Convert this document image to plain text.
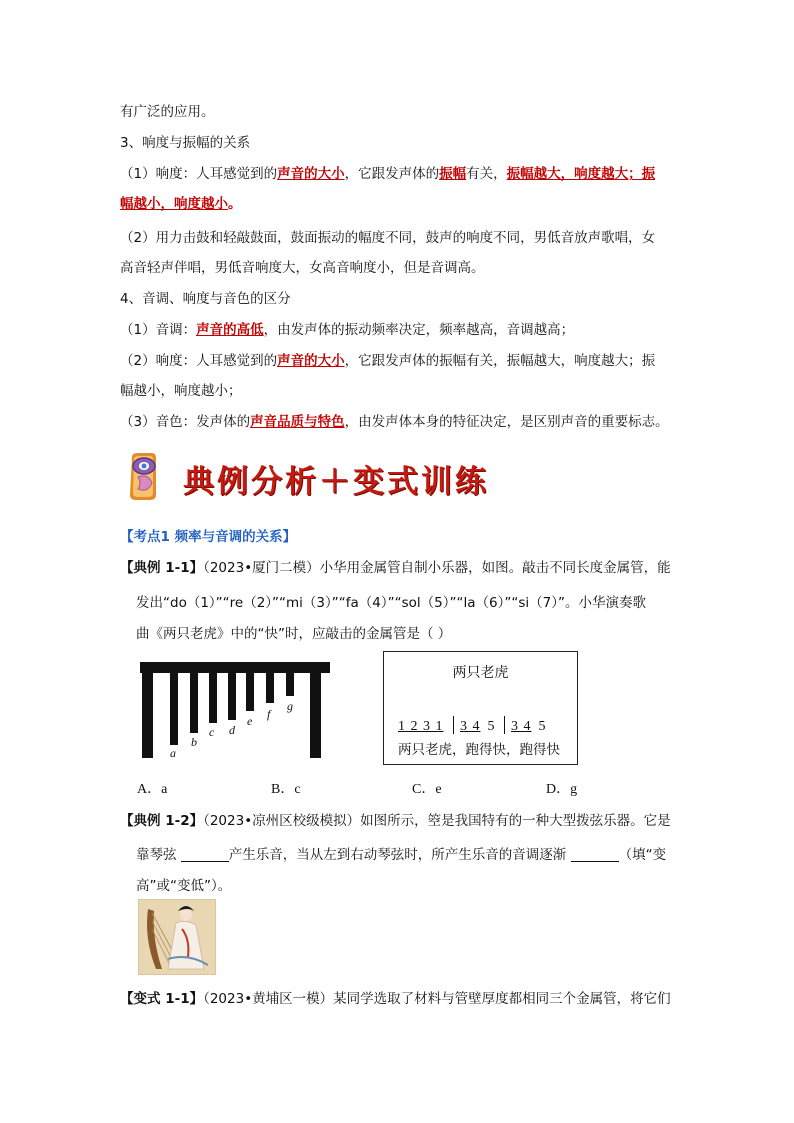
有广泛的应用。
3、响度与振幅的关系
（1）响度：人耳感觉到的声音的大小，它跟发声体的振幅有关，振幅越大，响度越大；振
幅越小，响度越小。
（2）用力击鼓和轻敲鼓面，鼓面振动的幅度不同，鼓声的响度不同，男低音放声歌唱，女
高音轻声伴唱，男低音响度大，女高音响度小，但是音调高。
4、音调、响度与音色的区分
（1）音调：声音的高低，由发声体的振动频率决定，频率越高，音调越高；
（2）响度：人耳感觉到的声音的大小，它跟发声体的振幅有关，振幅越大，响度越大；振
幅越小，响度越小；
（3）音色：发声体的声音品质与特色，由发声体本身的特征决定，是区别声音的重要标志。
典例分析＋变式训练
【考点1 频率与音调的关系】
【典例 1-1】（2023•厦门二模）小华用金属管自制小乐器，如图。敲击不同长度金属管，能
发出“do（1）”“re（2）”“mi（3）”“fa（4）”“sol（5）”“la（6）”“si（7）”。小华演奏歌
曲《两只老虎》中的“快”时，应敲击的金属管是（ ）
a
b
c d
e f
g
两只老虎
1 2 3 1 3 4 5 3 4 5
两只老虎，跑得快，跑得快
A．a	B．c	C．e	D．g
【典例 1-2】（2023•凉州区校级模拟）如图所示，箜是我国特有的一种大型拨弦乐器。它是
靠琴弦	产生乐音，当从左到右动琴弦时，所产生乐音的音调逐渐	（填“变
高”或“变低”）。
【变式 1-1】（2023•黄埔区一模）某同学选取了材料与管壁厚度都相同三个金属管，将它们
